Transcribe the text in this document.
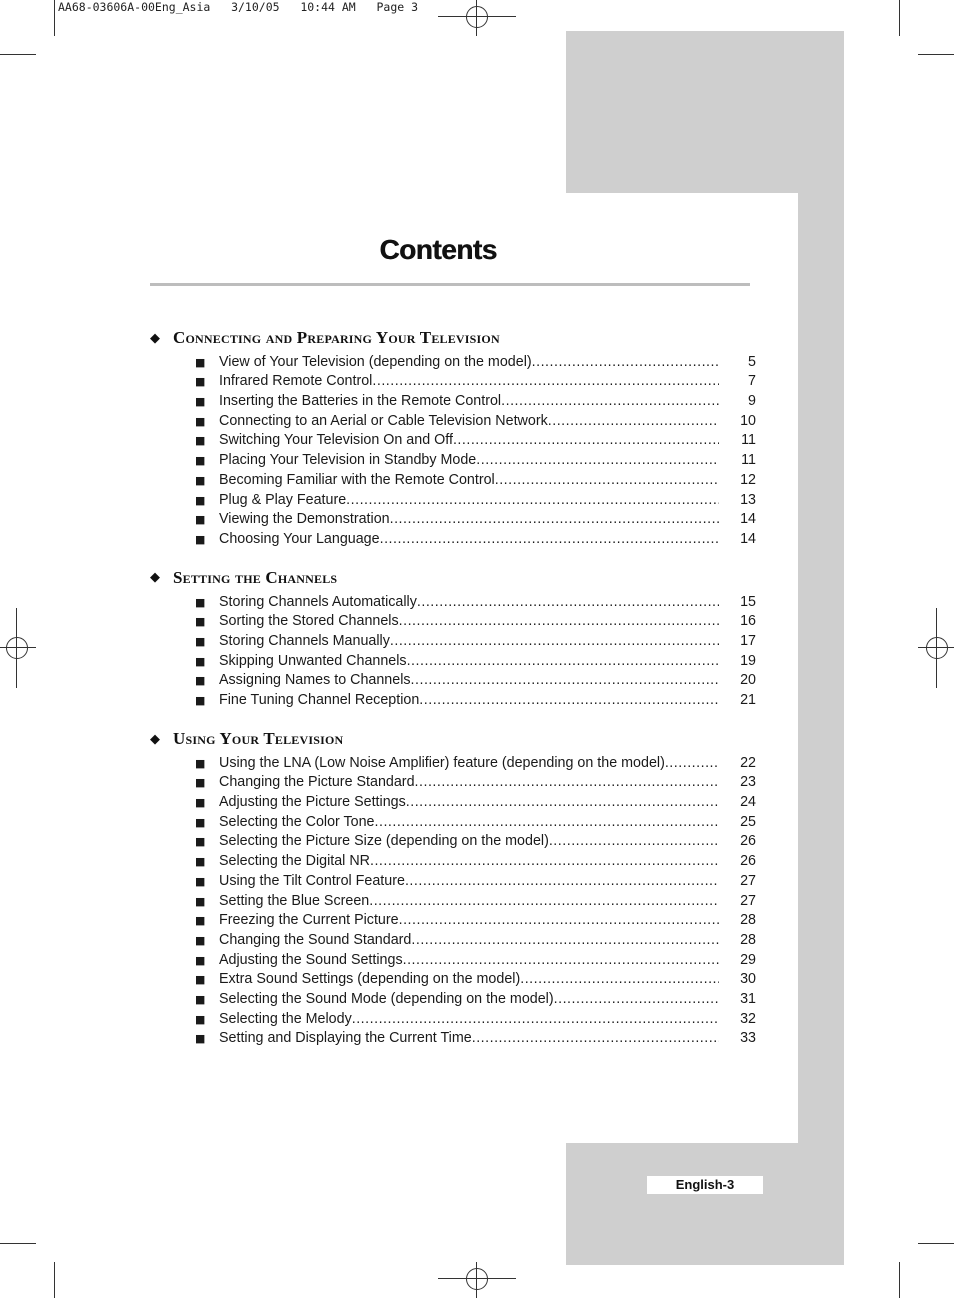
AA68-03606A-00Eng_Asia   3/10/05   10:44 AM   Page 3
Contents
◆ Connecting and Preparing Your Television
■ View of Your Television (depending on the model) .....	5
■ Infrared Remote Control .....	7
■ Inserting the Batteries in the Remote Control .....	9
■ Connecting to an Aerial or Cable Television Network .....	10
■ Switching Your Television On and Off .....	11
■ Placing Your Television in Standby Mode .....	11
■ Becoming Familiar with the Remote Control .....	12
■ Plug & Play Feature .....	13
■ Viewing the Demonstration .....	14
■ Choosing Your Language .....	14
◆ Setting the Channels
■ Storing Channels Automatically .....	15
■ Sorting the Stored Channels .....	16
■ Storing Channels Manually .....	17
■ Skipping Unwanted Channels .....	19
■ Assigning Names to Channels .....	20
■ Fine Tuning Channel Reception .....	21
◆ Using Your Television
■ Using the LNA (Low Noise Amplifier) feature (depending on the model) .....	22
■ Changing the Picture Standard .....	23
■ Adjusting the Picture Settings .....	24
■ Selecting the Color Tone .....	25
■ Selecting the Picture Size (depending on the model) .....	26
■ Selecting the Digital NR .....	26
■ Using the Tilt Control Feature .....	27
■ Setting the Blue Screen .....	27
■ Freezing the Current Picture .....	28
■ Changing the Sound Standard .....	28
■ Adjusting the Sound Settings .....	29
■ Extra Sound Settings (depending on the model) .....	30
■ Selecting the Sound Mode (depending on the model) .....	31
■ Selecting the Melody .....	32
■ Setting and Displaying the Current Time .....	33
English-3
